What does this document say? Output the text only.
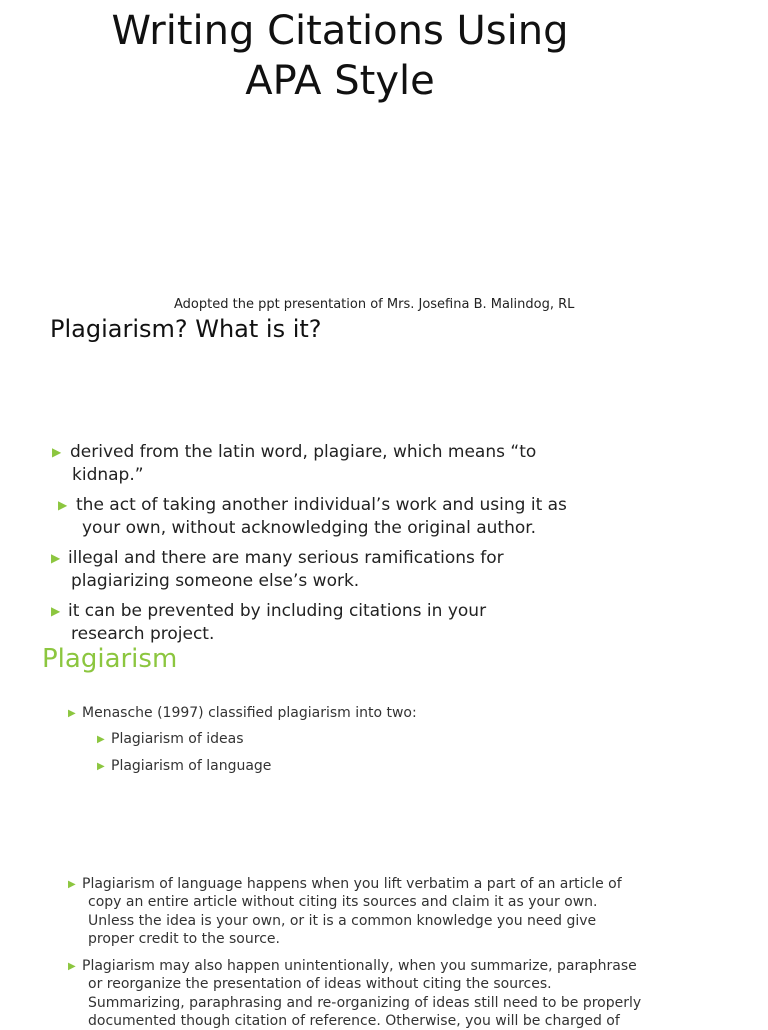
Writing Citations Using
APA Style
Adopted the ppt presentation of Mrs. Josefina B. Malindog, RL
Plagiarism? What is it?
▶ derived from the latin word, plagiare, which means “to
kidnap.”
▶ the act of taking another individual’s work and using it as
your own, without acknowledging the original author.
▶ illegal and there are many serious ramifications for
plagiarizing someone else’s work.
▶ it can be prevented by including citations in your
research project.
Plagiarism
▶ Menasche (1997) classified plagiarism into two:
▶ Plagiarism of ideas
▶ Plagiarism of language
▶ Plagiarism of language happens when you lift verbatim a part of an article of
copy an entire article without citing its sources and claim it as your own.
Unless the idea is your own, or it is a common knowledge you need give
proper credit to the source.
▶ Plagiarism may also happen unintentionally, when you summarize, paraphrase
or reorganize the presentation of ideas without citing the sources.
Summarizing, paraphrasing and re-organizing of ideas still need to be properly
documented though citation of reference. Otherwise, you will be charged of
